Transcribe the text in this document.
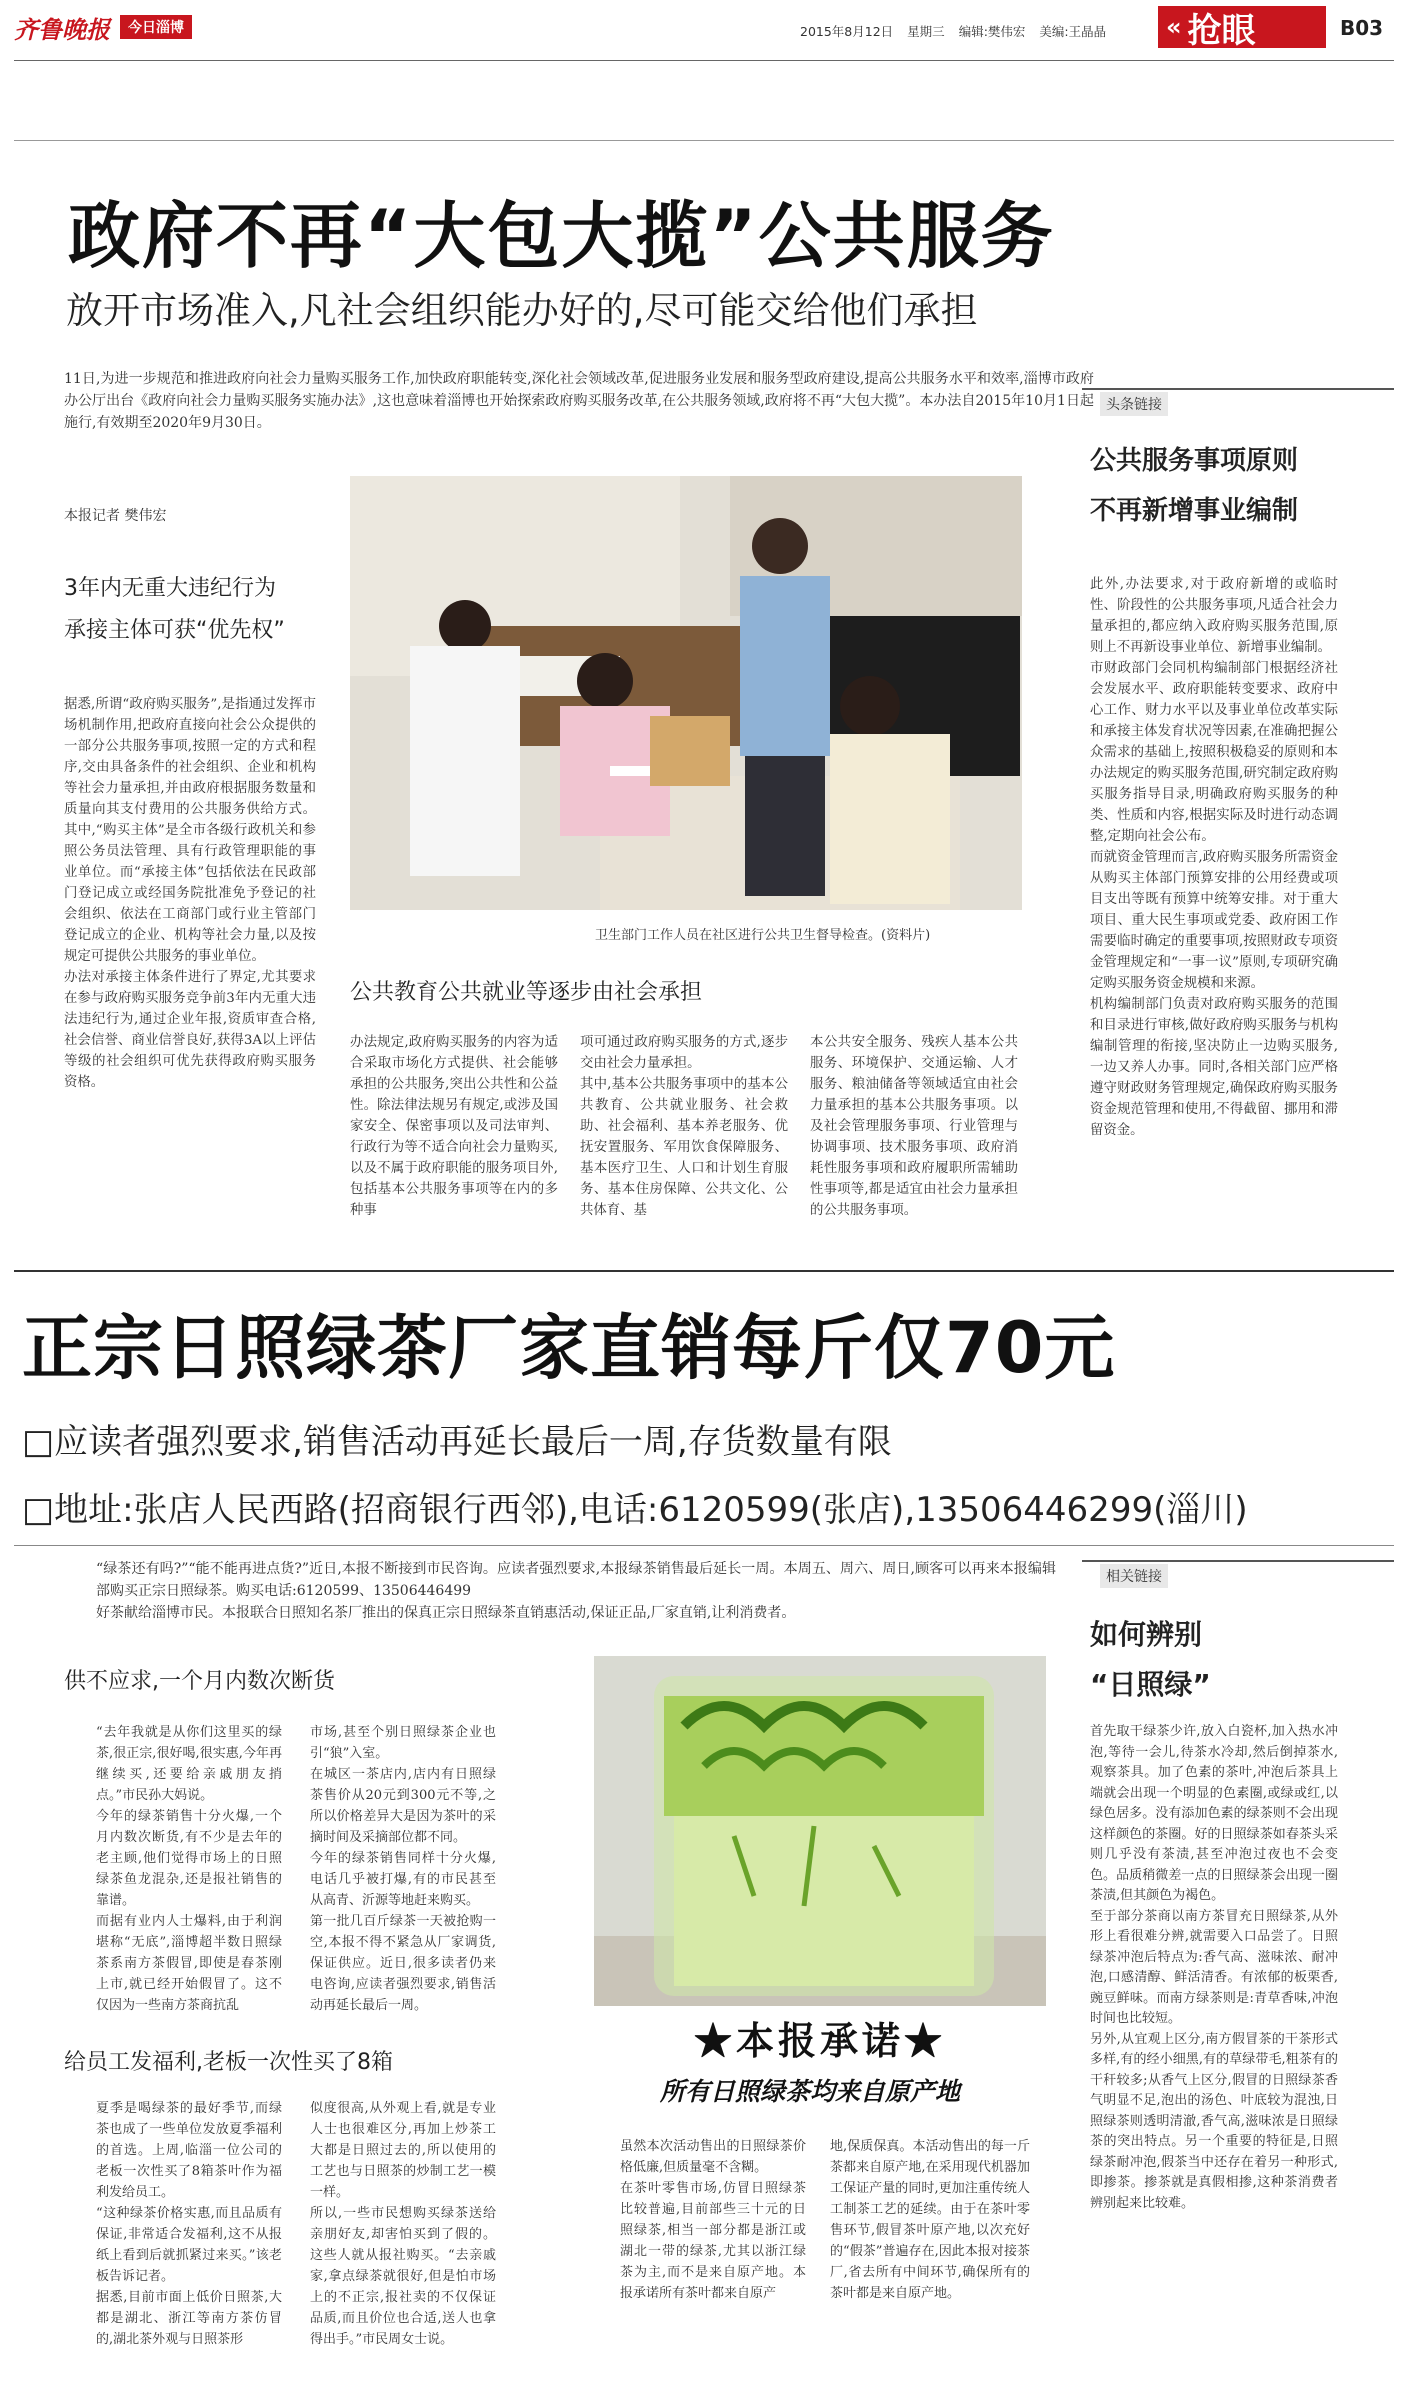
齐鲁晚报	今日淄博	2015年8月12日 星期三 编辑:樊伟宏 美编:王晶晶 « 抢眼	B03
政府不再“大包大揽”公共服务
放开市场准入,凡社会组织能办好的,尽可能交给他们承担
11日,为进一步规范和推进政府向社会力量购买服务工作,加快政府职能转变,深化社会领域改革,促进服务业发展和服务型政府建设,提高公共服务水平和效率,淄博市政府办公厅出台《政府向社会力量购买服务实施办法》,这也意味着淄博也开始探索政府购买服务改革,在公共服务领域,政府将不再“大包大揽”。本办法自2015年10月1日起施行,有效期至2020年9月30日。
本报记者 樊伟宏
3年内无重大违纪行为
承接主体可获“优先权”
据悉,所谓“政府购买服务”,是指通过发挥市场机制作用,把政府直接向社会公众提供的一部分公共服务事项,按照一定的方式和程序,交由具备条件的社会组织、企业和机构等社会力量承担,并由政府根据服务数量和质量向其支付费用的公共服务供给方式。其中,“购买主体”是全市各级行政机关和参照公务员法管理、具有行政管理职能的事业单位。而“承接主体”包括依法在民政部门登记成立或经国务院批准免予登记的社会组织、依法在工商部门或行业主管部门登记成立的企业、机构等社会力量,以及按规定可提供公共服务的事业单位。
办法对承接主体条件进行了界定,尤其要求在参与政府购买服务竞争前3年内无重大违法违纪行为,通过企业年报,资质审查合格,社会信誉、商业信誉良好,获得3A以上评估等级的社会组织可优先获得政府购买服务资格。
卫生部门工作人员在社区进行公共卫生督导检查。(资料片)
公共教育公共就业等逐步由社会承担
办法规定,政府购买服务的内容为适合采取市场化方式提供、社会能够承担的公共服务,突出公共性和公益性。除法律法规另有规定,或涉及国家安全、保密事项以及司法审判、行政行为等不适合向社会力量购买,以及不属于政府职能的服务项目外,包括基本公共服务事项等在内的多种事
项可通过政府购买服务的方式,逐步交由社会力量承担。
其中,基本公共服务事项中的基本公共教育、公共就业服务、社会救助、社会福利、基本养老服务、优抚安置服务、军用饮食保障服务、基本医疗卫生、人口和计划生育服务、基本住房保障、公共文化、公共体育、基
本公共安全服务、残疾人基本公共服务、环境保护、交通运输、人才服务、粮油储备等领域适宜由社会力量承担的基本公共服务事项。以及社会管理服务事项、行业管理与协调事项、技术服务事项、政府消耗性服务事项和政府履职所需辅助性事项等,都是适宜由社会力量承担的公共服务事项。
头条链接
公共服务事项原则
不再新增事业编制
此外,办法要求,对于政府新增的或临时性、阶段性的公共服务事项,凡适合社会力量承担的,都应纳入政府购买服务范围,原则上不再新设事业单位、新增事业编制。
市财政部门会同机构编制部门根据经济社会发展水平、政府职能转变要求、政府中心工作、财力水平以及事业单位改革实际和承接主体发育状况等因素,在准确把握公众需求的基础上,按照积极稳妥的原则和本办法规定的购买服务范围,研究制定政府购买服务指导目录,明确政府购买服务的种类、性质和内容,根据实际及时进行动态调整,定期向社会公布。
而就资金管理而言,政府购买服务所需资金从购买主体部门预算安排的公用经费或项目支出等既有预算中统筹安排。对于重大项目、重大民生事项或党委、政府困工作需要临时确定的重要事项,按照财政专项资金管理规定和“一事一议”原则,专项研究确定购买服务资金规模和来源。
机构编制部门负责对政府购买服务的范围和目录进行审核,做好政府购买服务与机构编制管理的衔接,坚决防止一边购买服务,一边又养人办事。同时,各相关部门应严格遵守财政财务管理规定,确保政府购买服务资金规范管理和使用,不得截留、挪用和滞留资金。
正宗日照绿茶厂家直销每斤仅70元
□应读者强烈要求,销售活动再延长最后一周,存货数量有限
□地址:张店人民西路(招商银行西邻),电话:6120599(张店),13506446299(淄川)
“绿茶还有吗?”“能不能再进点货?”近日,本报不断接到市民咨询。应读者强烈要求,本报绿茶销售最后延长一周。本周五、周六、周日,顾客可以再来本报编辑部购买正宗日照绿茶。购买电话:6120599、13506446499
好茶献给淄博市民。本报联合日照知名茶厂推出的保真正宗日照绿茶直销惠活动,保证正品,厂家直销,让利消费者。
供不应求,一个月内数次断货
“去年我就是从你们这里买的绿茶,很正宗,很好喝,很实惠,今年再继续买,还要给亲戚朋友捎点。”市民孙大妈说。
今年的绿茶销售十分火爆,一个月内数次断货,有不少是去年的老主顾,他们觉得市场上的日照绿茶鱼龙混杂,还是报社销售的靠谱。
而据有业内人士爆料,由于利润堪称“无底”,淄博超半数日照绿茶系南方茶假冒,即使是春茶刚上市,就已经开始假冒了。这不仅因为一些南方茶商抗乱
市场,甚至个别日照绿茶企业也引“狼”入室。
在城区一茶店内,店内有日照绿茶售价从20元到300元不等,之所以价格差异大是因为茶叶的采摘时间及采摘部位都不同。
今年的绿茶销售同样十分火爆,电话几乎被打爆,有的市民甚至从高青、沂源等地赶来购买。
第一批几百斤绿茶一天被抢购一空,本报不得不紧急从厂家调货,保证供应。近日,很多读者仍来电咨询,应读者强烈要求,销售活动再延长最后一周。
给员工发福利,老板一次性买了8箱
夏季是喝绿茶的最好季节,而绿茶也成了一些单位发放夏季福利的首选。上周,临淄一位公司的老板一次性买了8箱茶叶作为福利发给员工。
“这种绿茶价格实惠,而且品质有保证,非常适合发福利,这不从报纸上看到后就抓紧过来买。”该老板告诉记者。
据悉,目前市面上低价日照茶,大都是湖北、浙江等南方茶仿冒的,湖北茶外观与日照茶形
似度很高,从外观上看,就是专业人士也很难区分,再加上炒茶工大都是日照过去的,所以使用的工艺也与日照茶的炒制工艺一模一样。
所以,一些市民想购买绿茶送给亲朋好友,却害怕买到了假的。这些人就从报社购买。“去亲戚家,拿点绿茶就很好,但是怕市场上的不正宗,报社卖的不仅保证品质,而且价位也合适,送人也拿得出手。”市民周女士说。
★本报承诺★
所有日照绿茶均来自原产地
虽然本次活动售出的日照绿茶价格低廉,但质量毫不含糊。
在茶叶零售市场,仿冒日照绿茶比较普遍,目前部些三十元的日照绿茶,相当一部分都是浙江或湖北一带的绿茶,尤其以浙江绿茶为主,而不是来自原产地。本报承诺所有茶叶都来自原产
地,保质保真。本活动售出的每一斤茶都来自原产地,在采用现代机器加工保证产量的同时,更加注重传统人工制茶工艺的延续。由于在茶叶零售环节,假冒茶叶原产地,以次充好的“假茶”普遍存在,因此本报对接茶厂,省去所有中间环节,确保所有的茶叶都是来自原产地。
相关链接
如何辨别
“日照绿”
首先取干绿茶少许,放入白瓷杯,加入热水冲泡,等待一会儿,待茶水冷却,然后倒掉茶水,观察茶具。加了色素的茶叶,冲泡后茶具上端就会出现一个明显的色素圈,或绿或红,以绿色居多。没有添加色素的绿茶则不会出现这样颜色的茶圈。好的日照绿茶如春茶头采则几乎没有茶渍,甚至冲泡过夜也不会变色。品质稍微差一点的日照绿茶会出现一圈茶渍,但其颜色为褐色。
至于部分茶商以南方茶冒充日照绿茶,从外形上看很难分辨,就需要入口品尝了。日照绿茶冲泡后特点为:香气高、滋味浓、耐冲泡,口感清醇、鲜活清香。有浓郁的板栗香,豌豆鲜味。而南方绿茶则是:青草香味,冲泡时间也比较短。
另外,从宜观上区分,南方假冒茶的干茶形式多样,有的经小细黑,有的草绿带毛,粗茶有的干秆较多;从香气上区分,假冒的日照绿茶香气明显不足,泡出的汤色、叶底较为混浊,日照绿茶则透明清澈,香气高,滋味浓是日照绿茶的突出特点。另一个重要的特征是,日照绿茶耐冲泡,假茶当中还存在着另一种形式,即掺茶。掺茶就是真假相掺,这种茶消费者辨别起来比较难。
